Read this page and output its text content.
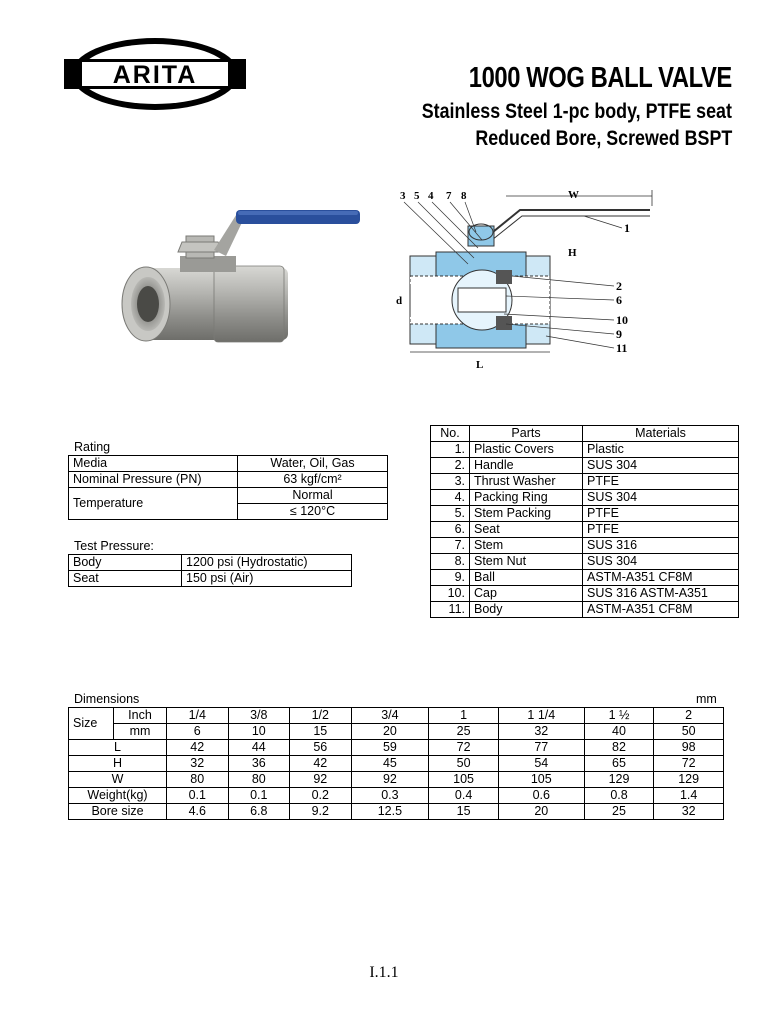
ARITA	1000 WOG BALL VALVE
Stainless Steel 1-pc body, PTFE seat
Reduced Bore, Screwed BSPT
3 5 4 7 8	W
H
d
L
1
2
6
10
9
11
Rating
Media	Water, Oil, Gas
Nominal Pressure (PN)	63 kgf/cm²
Temperature	Normal
	≤ 120°C
Test Pressure:
Body	1200 psi (Hydrostatic)
Seat	150 psi (Air)
No.	Parts	Materials
1.	Plastic Covers	Plastic
2.	Handle	SUS 304
3.	Thrust Washer	PTFE
4.	Packing Ring	SUS 304
5.	Stem Packing	PTFE
6.	Seat	PTFE
7.	Stem	SUS 316
8.	Stem Nut	SUS 304
9.	Ball	ASTM-A351 CF8M
10.	Cap	SUS 316 ASTM-A351
11.	Body	ASTM-A351 CF8M
Dimensions	mm
Size	Inch	1/4	3/8	1/2	3/4	1	1 1/4	1 ½	2
	mm	6	10	15	20	25	32	40	50
L		42	44	56	59	72	77	82	98
H		32	36	42	45	50	54	65	72
W		80	80	92	92	105	105	129	129
Weight(kg)		0.1	0.1	0.2	0.3	0.4	0.6	0.8	1.4
Bore size		4.6	6.8	9.2	12.5	15	20	25	32
I.1.1
